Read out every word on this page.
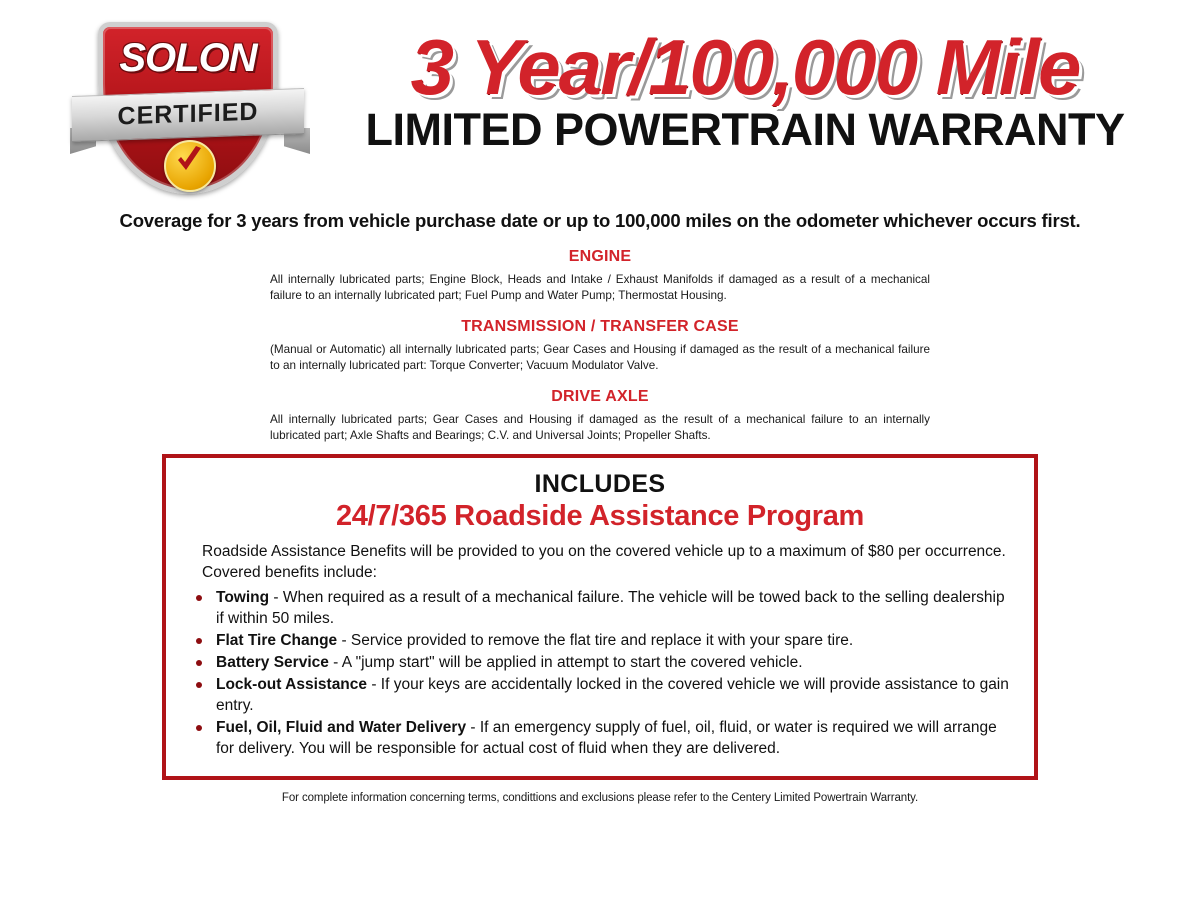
SOLON
CERTIFIED
3 Year/100,000 Mile
LIMITED POWERTRAIN WARRANTY
Coverage for 3 years from vehicle purchase date or up to 100,000 miles on the odometer whichever occurs first.
ENGINE

All internally lubricated parts; Engine Block, Heads and Intake / Exhaust Manifolds if damaged as a result of a mechanical failure to an internally lubricated part; Fuel Pump and Water Pump; Thermostat Housing.

TRANSMISSION / TRANSFER CASE

(Manual or Automatic) all internally lubricated parts; Gear Cases and Housing if damaged as the result of a mechanical failure to an internally lubricated part: Torque Converter; Vacuum Modulator Valve.

DRIVE AXLE

All internally lubricated parts; Gear Cases and Housing if damaged as the result of a mechanical failure to an internally lubricated part; Axle Shafts and Bearings; C.V. and Universal Joints; Propeller Shafts.

INCLUDES
24/7/365 Roadside Assistance Program
Roadside Assistance Benefits will be provided to you on the covered vehicle up to a maximum of $80 per occurrence. Covered benefits include:
Towing - When required as a result of a mechanical failure. The vehicle will be towed back to the selling dealership if within 50 miles.
Flat Tire Change - Service provided to remove the flat tire and replace it with your spare tire.
Battery Service - A "jump start" will be applied in attempt to start the covered vehicle.
Lock-out Assistance - If your keys are accidentally locked in the covered vehicle we will provide assistance to gain entry.
Fuel, Oil, Fluid and Water Delivery - If an emergency supply of fuel, oil, fluid, or water is required we will arrange for delivery. You will be responsible for actual cost of fluid when they are delivered.
For complete information concerning terms, condittions and exclusions please refer to the Centery Limited Powertrain Warranty.
